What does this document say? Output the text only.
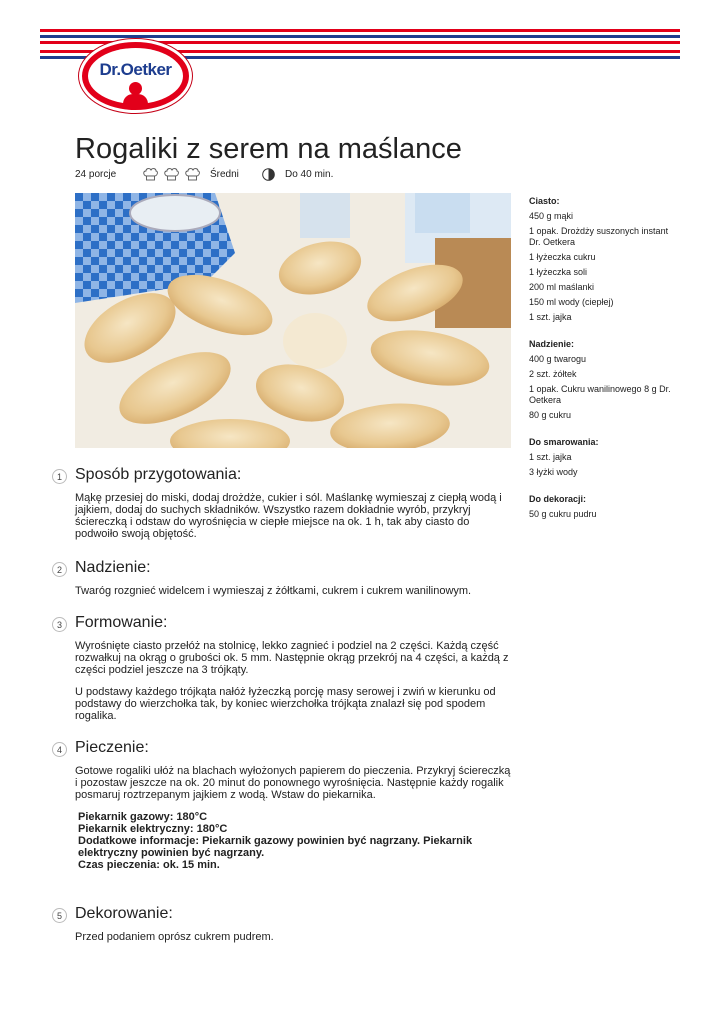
Dr.Oetker
Rogaliki z serem na maślance
24 porcje	Średni	Do 40 min.
Ciasto:
450 g mąki
1 opak. Drożdży suszonych instant Dr. Oetkera
1 łyżeczka cukru
1 łyżeczka soli
200 ml maślanki
150 ml wody (ciepłej)
1 szt. jajka
Nadzienie:
400 g twarogu
2 szt. żółtek
1 opak. Cukru wanilinowego 8 g Dr. Oetkera
80 g cukru
Do smarowania:
1 szt. jajka
3 łyżki wody
Do dekoracji:
50 g cukru pudru
1 Sposób przygotowania:

Mąkę przesiej do miski, dodaj drożdże, cukier i sól. Maślankę wymieszaj z ciepłą wodą i jajkiem, dodaj do suchych składników. Wszystko razem dokładnie wyrób, przykryj ściereczką i odstaw do wyrośnięcia w ciepłe miejsce na ok. 1 h, tak aby ciasto do podwoiło swoją objętość.

2 Nadzienie:

Twaróg rozgnieć widelcem i wymieszaj z żółtkami, cukrem i cukrem wanilinowym.

3 Formowanie:

Wyrośnięte ciasto przełóż na stolnicę, lekko zagnieć i podziel na 2 części. Każdą część rozwałkuj na okrąg o grubości ok. 5 mm. Następnie okrąg przekrój na 4 części, a każdą z części podziel jeszcze na 3 trójkąty.

U podstawy każdego trójkąta nałóż łyżeczką porcję masy serowej i zwiń w kierunku od podstawy do wierzchołka tak, by koniec wierzchołka trójkąta znalazł się pod spodem rogalika.

4 Pieczenie:

Gotowe rogaliki ułóż na blachach wyłożonych papierem do pieczenia. Przykryj ściereczką i pozostaw jeszcze na ok. 20 minut do ponownego wyrośnięcia. Następnie każdy rogalik posmaruj roztrzepanym jajkiem z wodą. Wstaw do piekarnika.

Piekarnik gazowy: 180°C
Piekarnik elektryczny: 180°C
Dodatkowe informacje: Piekarnik gazowy powinien być nagrzany. Piekarnik elektryczny powinien być nagrzany.
Czas pieczenia: ok. 15 min.
5 Dekorowanie:

Przed podaniem oprósz cukrem pudrem.
